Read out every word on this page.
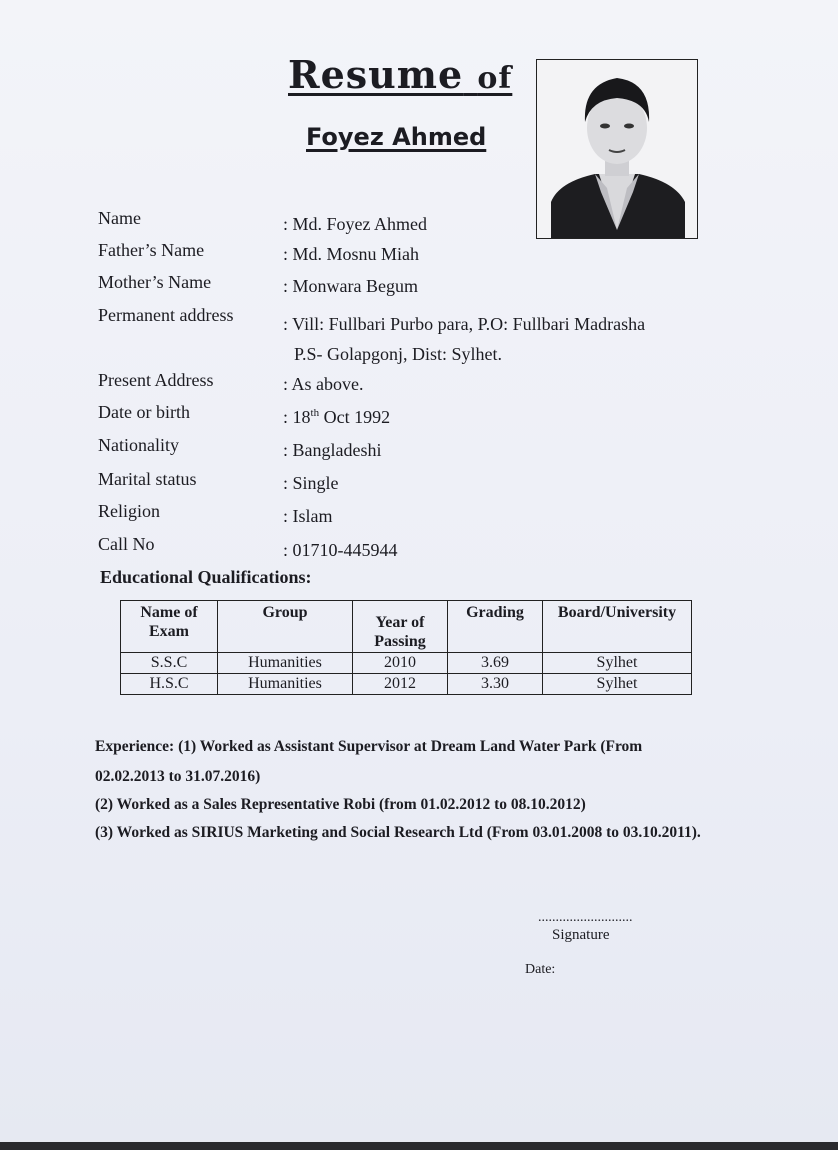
Resume of
Foyez Ahmed
Name	: Md. Foyez Ahmed
Father’s Name	: Md. Mosnu Miah
Mother’s Name	: Monwara Begum
Permanent address	: Vill: Fullbari Purbo para, P.O: Fullbari Madrasha
P.S- Golapgonj, Dist: Sylhet.
Present Address	: As above.
Date or birth	: 18th Oct 1992
Nationality	: Bangladeshi
Marital status	: Single
Religion	: Islam
Call No	: 01710-445944
Educational Qualifications:
Name of Exam	Group	Year of Passing	Grading	Board/University
S.S.C	Humanities	2010	3.69	Sylhet
H.S.C	Humanities	2012	3.30	Sylhet
Experience: (1) Worked as Assistant Supervisor at Dream Land Water Park (From 02.02.2013 to 31.07.2016)
(2) Worked as a Sales Representative Robi (from 01.02.2012 to 08.10.2012)
(3) Worked as SIRIUS Marketing and Social Research Ltd (From 03.01.2008 to 03.10.2011).
...........................
Signature
Date:
